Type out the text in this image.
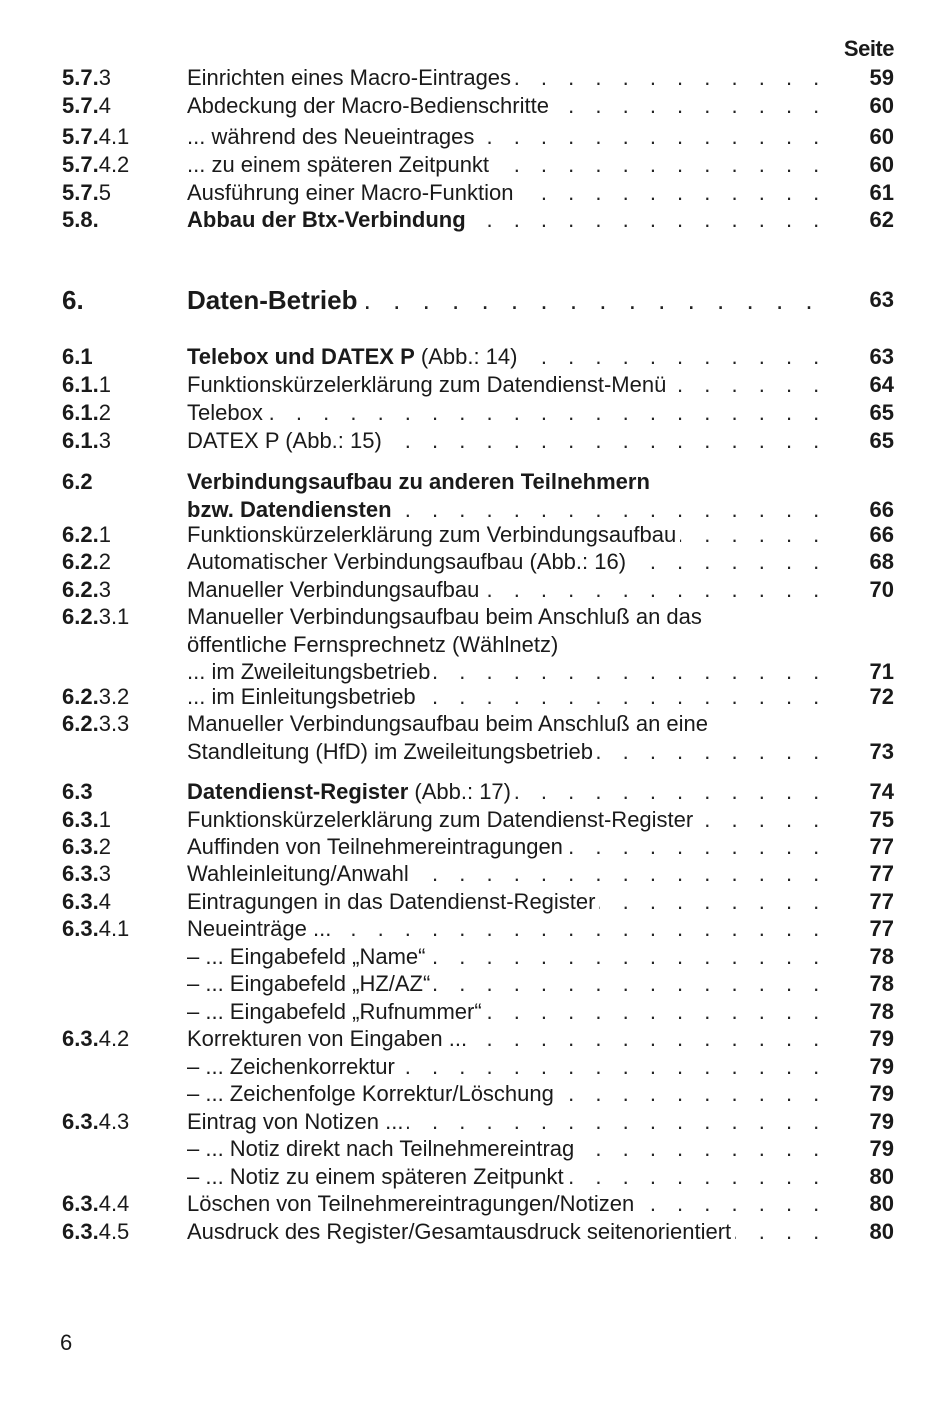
Seite
5.7.3	Einrichten eines Macro-Eintrages . . .	59
5.7.4	Abdeckung der Macro-Bedienschritte . . .	60
5.7.4.1	... während des Neueintrages . . .	60
5.7.4.2	... zu einem späteren Zeitpunkt . . .	60
5.7.5	Ausführung einer Macro-Funktion . . .	61
5.8.	Abbau der Btx-Verbindung . . .	62
6.	Daten-Betrieb . . .	63
6.1	Telebox und DATEX P (Abb.: 14) . . .	63
6.1.1	Funktionskürzelerklärung zum Datendienst-Menü . . .	64
6.1.2	Telebox . . .	65
6.1.3	DATEX P (Abb.: 15) . . .	65
6.2	Verbindungsaufbau zu anderen Teilnehmern
bzw. Datendiensten . . .	66
6.2.1	Funktionskürzelerklärung zum Verbindungsaufbau . . .	66
6.2.2	Automatischer Verbindungsaufbau (Abb.: 16) . . .	68
6.2.3	Manueller Verbindungsaufbau . . .	70
6.2.3.1	Manueller Verbindungsaufbau beim Anschluß an das
öffentliche Fernsprechnetz (Wählnetz)
... im Zweileitungsbetrieb . . .	71
6.2.3.2	... im Einleitungsbetrieb . . .	72
6.2.3.3	Manueller Verbindungsaufbau beim Anschluß an eine
Standleitung (HfD) im Zweileitungsbetrieb . . .	73
6.3	Datendienst-Register (Abb.: 17) . . .	74
6.3.1	Funktionskürzelerklärung zum Datendienst-Register . . .	75
6.3.2	Auffinden von Teilnehmereintragungen . . .	77
6.3.3	Wahleinleitung/Anwahl . . .	77
6.3.4	Eintragungen in das Datendienst-Register . . .	77
6.3.4.1	Neueinträge ... . . .	77
– ... Eingabefeld „Name“ . . .	78
– ... Eingabefeld „HZ/AZ“ . . .	78
– ... Eingabefeld „Rufnummer“ . . .	78
6.3.4.2	Korrekturen von Eingaben ... . . .	79
– ... Zeichenkorrektur . . .	79
– ... Zeichenfolge Korrektur/Löschung . . .	79
6.3.4.3	Eintrag von Notizen ... . . .	79
– ... Notiz direkt nach Teilnehmereintrag . . .	79
– ... Notiz zu einem späteren Zeitpunkt . . .	80
6.3.4.4	Löschen von Teilnehmereintragungen/Notizen . . .	80
6.3.4.5	Ausdruck des Register/Gesamtausdruck seitenorientiert . . .	80
6
